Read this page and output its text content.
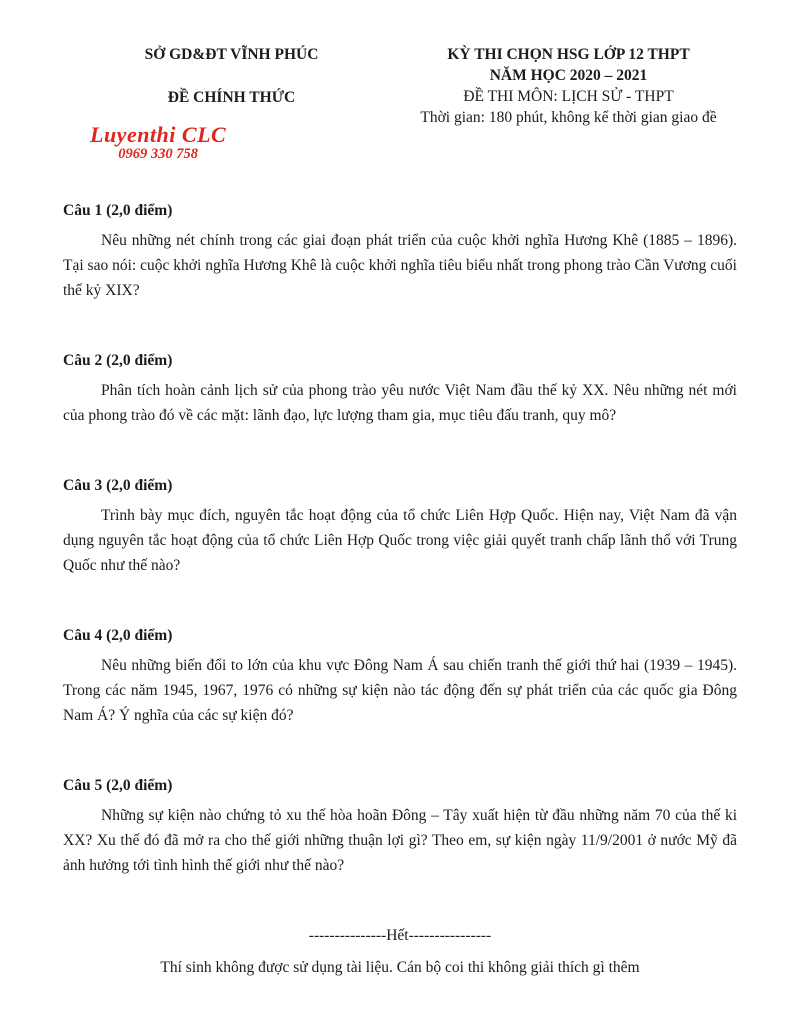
SỞ GD&ĐT VĨNH PHÚC
ĐỀ CHÍNH THỨC
Luyenthi CLC
0969 330 758
KỲ THI CHỌN HSG LỚP 12 THPT
NĂM HỌC 2020 – 2021
ĐỀ THI MÔN: LỊCH SỬ - THPT
Thời gian: 180 phút, không kể thời gian giao đề
Câu 1 (2,0 điểm)

Nêu những nét chính trong các giai đoạn phát triển của cuộc khởi nghĩa Hương Khê (1885 – 1896). Tại sao nói: cuộc khởi nghĩa Hương Khê là cuộc khởi nghĩa tiêu biểu nhất trong phong trào Cần Vương cuối thế kỷ XIX?

Câu 2 (2,0 điểm)

Phân tích hoàn cảnh lịch sử của phong trào yêu nước Việt Nam đầu thế kỷ XX. Nêu những nét mới của phong trào đó về các mặt: lãnh đạo, lực lượng tham gia, mục tiêu đấu tranh, quy mô?

Câu 3 (2,0 điểm)

Trình bày mục đích, nguyên tắc hoạt động của tổ chức Liên Hợp Quốc. Hiện nay, Việt Nam đã vận dụng nguyên tắc hoạt động của tổ chức Liên Hợp Quốc trong việc giải quyết tranh chấp lãnh thổ với Trung Quốc như thế nào?

Câu 4 (2,0 điểm)

Nêu những biến đổi to lớn của khu vực Đông Nam Á sau chiến tranh thế giới thứ hai (1939 – 1945). Trong các năm 1945, 1967, 1976 có những sự kiện nào tác động đến sự phát triển của các quốc gia Đông Nam Á? Ý nghĩa của các sự kiện đó?

Câu 5 (2,0 điểm)

Những sự kiện nào chứng tỏ xu thế hòa hoãn Đông – Tây xuất hiện từ đầu những năm 70 của thế ki XX? Xu thế đó đã mở ra cho thế giới những thuận lợi gì? Theo em, sự kiện ngày 11/9/2001 ở nước Mỹ đã ảnh hưởng tới tình hình thế giới như thế nào?

---------------Hết----------------
Thí sinh không được sử dụng tài liệu. Cán bộ coi thi không giải thích gì thêm
